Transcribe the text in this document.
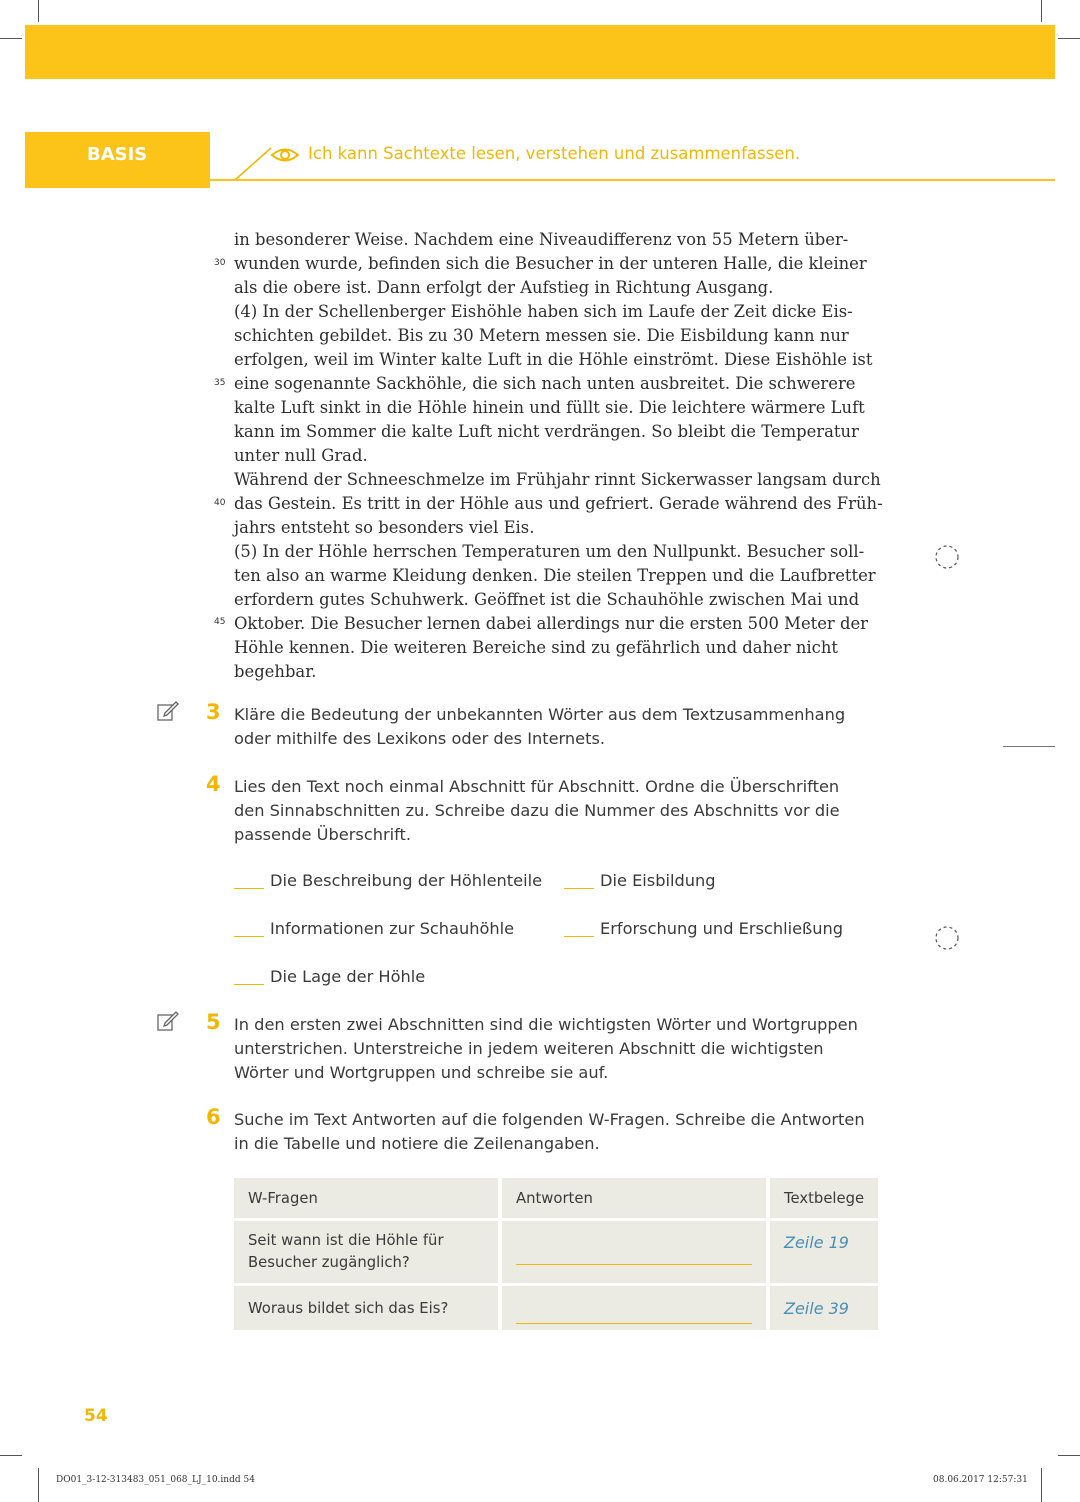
BASIS	Ich kann Sachtexte lesen, verstehen und zusammenfassen.
30
35
40
45
in besonderer Weise. Nachdem eine Niveaudifferenz von 55 Metern über-
wunden wurde, befinden sich die Besucher in der unteren Halle, die kleiner
als die obere ist. Dann erfolgt der Aufstieg in Richtung Ausgang.
(4) In der Schellenberger Eishöhle haben sich im Laufe der Zeit dicke Eis-
schichten gebildet. Bis zu 30 Metern messen sie. Die Eisbildung kann nur
erfolgen, weil im Winter kalte Luft in die Höhle einströmt. Diese Eishöhle ist
eine sogenannte Sackhöhle, die sich nach unten ausbreitet. Die schwerere
kalte Luft sinkt in die Höhle hinein und füllt sie. Die leichtere wärmere Luft
kann im Sommer die kalte Luft nicht verdrängen. So bleibt die Temperatur
unter null Grad.
Während der Schneeschmelze im Frühjahr rinnt Sickerwasser langsam durch
das Gestein. Es tritt in der Höhle aus und gefriert. Gerade während des Früh-
jahrs entsteht so besonders viel Eis.
(5) In der Höhle herrschen Temperaturen um den Nullpunkt. Besucher soll-
ten also an warme Kleidung denken. Die steilen Treppen und die Laufbretter
erfordern gutes Schuhwerk. Geöffnet ist die Schauhöhle zwischen Mai und
Oktober. Die Besucher lernen dabei allerdings nur die ersten 500 Meter der
Höhle kennen. Die weiteren Bereiche sind zu gefährlich und daher nicht
begehbar.
3 Kläre die Bedeutung der unbekannten Wörter aus dem Textzusammenhang
oder mithilfe des Lexikons oder des Internets.
4 Lies den Text noch einmal Abschnitt für Abschnitt. Ordne die Überschriften
den Sinnabschnitten zu. Schreibe dazu die Nummer des Abschnitts vor die
passende Überschrift.
Die Beschreibung der Höhlenteile	Die Eisbildung
Informationen zur Schauhöhle	Erforschung und Erschließung
Die Lage der Höhle
5 In den ersten zwei Abschnitten sind die wichtigsten Wörter und Wortgruppen
unterstrichen. Unterstreiche in jedem weiteren Abschnitt die wichtigsten
Wörter und Wortgruppen und schreibe sie auf.
6 Suche im Text Antworten auf die folgenden W-Fragen. Schreibe die Antworten
in die Tabelle und notiere die Zeilenangaben.
W-Fragen	Antworten	Textbelege

Seit wann ist die Höhle für
Besucher zugänglich?		Zeile 19

Woraus bildet sich das Eis?		Zeile 39
54
DO01_3-12-313483_051_068_LJ_10.indd 54	08.06.2017 12:57:31
